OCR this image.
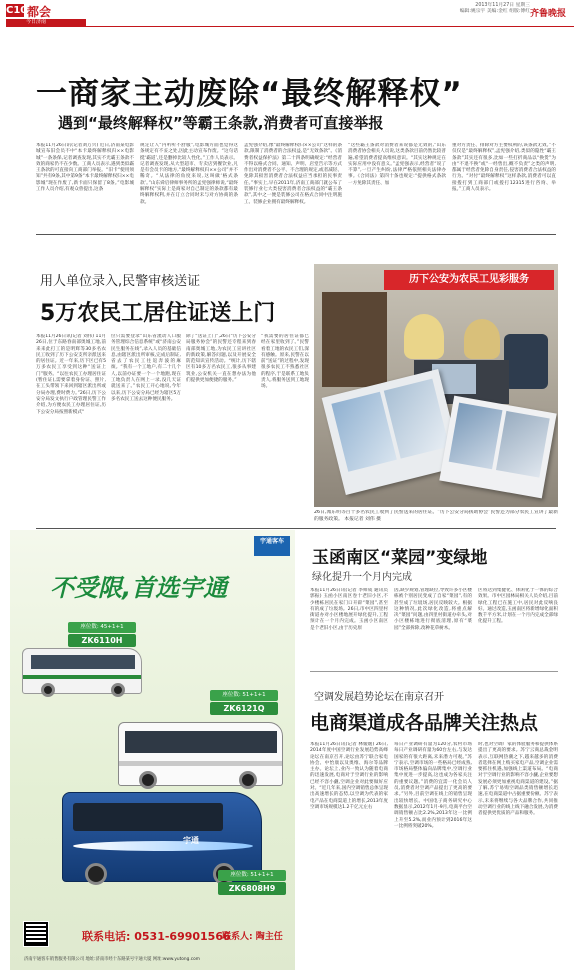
C10 都会
今日济南
2013年11月27日 星期三
编辑:姚宗宇 美编:金红 组版:傅红 齐鲁晚报
一商家主动废除“最终解释权”
遇到“最终解释权”等霸王条款,消费者可直接举报
本报11月26日讯(记者刘万兴) 近日,济南某电影城宣布旧会员不中“本卡最终解释权归××电影城”一条条保,记者调查发现,其实不光霸王条款不效的商家仍不在少数。工商人员表示,遇到类似霸王条款的可直接向工商部门举报。“旧卡“使用须知”共有9条,其中第9条“本卡最终解释权归××电影城”现在作废了,新卡面只保留了8条。”电影城工作人员介绍,有观众曾提出,这条
规定让人“内听听不舒服”,电影城方面也觉得这条规定有不妥之处,因此主动宣布作废。“这句话挺‘霸道’,还是删掉比较人性化。”工作人员表示。记者调查发现,从大型超市、专卖店到餐饮业,凡是有会员卡的地方,“最终解释权归××公司”并不稀奇。“从法律的角度来说,这叫做‘格式条款’。”山东舜启律师事务所的孟宪强律师说,“最终解释权”实际上是商家对自己制定的条款都有最终解释权利,并在订立合同时未与对方协商的条款。
孟宪强介绍,像“最终解释权归××公司”这样的条款,限制了消费者的合法权益,是“无效条款”。《消费者权益保护法》第二十四条明确规定:“经营者不得以格式合同、通知、声明、店堂告示等方式作出对消费者不公平、不合理的规定,或者减轻、免除其损害消费者合法权益应当承担的民事责任。”事实上,早在2011年,济南工商部门就公布了装修行业七大类侵害消费者合法权益的“霸王条款”,其中之一便是装修公司在格式合同中注明施工、装修企业拥有最终解释权。
“这些霸王条款对消费者来说都是无效的,”山东消费者协会相关人员说,这类条款目前仍然比较普遍,希望消费者提高维权意识。“其实这种规定在实际应用中没有意义。”孟宪强表示,经营者“说了不算”,一旦产生纠纷,法律严格依照相关法律办事。《合同法》第四十条也规定:“提供格式条款一方免除其责任、加
重对方责任、排除对方主要权利的,该条款无效。”不仅仅是“最终解释权”,孟宪强介绍,类似的隐性“霸王条款”其实还有很多,比如一些打折商品以“换货”为由“不退不换”或“一经售出,概不负责”之类的声明,都属于经营者免除自身责任,侵害消费者合法权益的行为。“对付“最终解释权”这样条款,消费者可以直接拨打到工商部门或拨打12315进行咨询、举报。”工商人员表示。
用人单位录入,民警审核送证
5万农民工居住证送上门
本报11月26日讯(记者 刘伟) 11月26日,位于东路春南部奥城工地,前来来此打工的是明辉等30多名农民工收到了历下公安支所亲派送来的居住证。近一年来,历下区已有5万多农民工享受到这种“送证上门”服务。“以往农民工办理居住证(暂住证),需要拿着身份证、照片,在工头带领下来回到辖区派出所或分局办理,费时费力。”26日,历下公安分局发文执行户政管理民警工作介绍,为方便农民工办理居住证,历下公安分局按照新模式“
位只需要登录“山东省流动人口服务管理综合信息系统”或“济南公安民生服务在线”,录入人员的基础信息,由辖区派出所审核,完成后制证,省去了农民工往返奔波的麻烦。“我有一个工地户,有二十几个人,以前办证要一个一个地跑,现在工地负责人在网上一录,没几天证就送来了。”农民工开心地说,今年以来,历下公安分局已经为辖区5万多名农民工送去这种便民服务。
除了“送证上门”,26日“历下公安分局服务协会”的民警还专程来到春南部奥城工地,为农民工宣讲社区的新政策,解答问题,以及开展安全防范知识宣传活动。“统计,历下辖区有10多万名农民工,很多从事建筑业,公安机关一直在想办法为他们提供更加便捷的服务。”
“我需要的居住证都已经在家里收到了。”民警看着工地的农民工们,深有感触。原来,民警在以前“送证”的过程中,发现很多农民工不熟悉社区的程序,于是联系工地负责人,将服务送到工地现场。
历下公安为农民工见彩服务
26日,闻东明等百十多名农民工收到了民警送来的居住证。“历下公安分局援助协会”民警还为部分农民工宣讲了最新的服务政策。 本报记者 刘伟 摄
宇通客车
不受限,首选宇通
座位数: 45+1+1
ZK6110H
座位数: 51+1+1
ZK6121Q
宇通
座位数: 51+1+1
ZK6808H9
联系电话: 0531-69901566
联系人: 陶主任
济南宇通客车销售服务有限公司 地址:济南市经十东路某号宇通大厦 网址:www.yutong.com
玉函南区“菜园”变绿地
绿化提升一个月内完成
本报11月26日讯(记者 李师成 通讯员 郭振) 玉函小区南区卷十老旧小区,不少楼栋居民在家门口开辟“菜园”,甚至有的成了垃圾场。26日,市中区四里村街道办对小区楼地展开绿化提升,工程预计在一个月内完成。玉函小区南区是个老旧小区,由于历史原
因,缺少规划,管理缺位,导致许多小区楼栋被个别居民变成了自家“菜园”,有的甚至成了垃圾场,居民反映较大。根据这种情况,此次绿化改造,将重点解决“菜园”问题,由四里村街道办牵头,对小区楼栋地进行彻底清理,原有“菜园”全部拆除,改种花草树木。
区将达到集健化、休闲化于一体的综合效果。市中区园林局相关人员介绍,目前绿化工程已在施工中,居民对此反响良好。通过改造,玉函南区将新增绿化面积数千平方米,计划在一个月内完成全部绿化提升工程。
空调发展趋势论坛在南京召开
电商渠道成各品牌关注热点
本报11月26日讯(记者 林媛媛) 26日,2014年度中国空调行业发展趋势高峰论坛在南京召开,论坛由苏宁联合家电协会、中怡康以及奥维、海尔等品牌主办。论坛上,业内一致认为随着电商的迅速发展,电商对于空调行业的影响已经不容小觑,空调企业对此要做好应对。“近几年来,国内空调销售总体呈现出高速增长的态势,以空调为代表的家电产品在电商渠道上的增长,2013年度空调市场规模达1.2千亿元左右
每日产业调研有量为120分,农村市场每日产业调研有量为60台左右,与发达国家的有很大距离,未来潜力可观。”苏宁表示,空调市场的一些格局已经成熟,市场格局整体偏向品牌集中,空调行业集中度进一步提高,这也成为各家关注的重要议题。”消费的宜需一化会员人员,消费者对空调产品提出了更高的要求。”另外,目前空调在线上的销售呈现出较快增长。中国电子商务研究中心数据显示,2012年1月-9月,电商平台空调销售额占比2.2%,2013年这一比例上升至5.2%,而业内预计到2016年这一比例将突破20%。
时,也对空调厂家的体验服务和提供体系提出了更高的要求。苏宁云商总裁金明表示,互联网热潮之下,越来越多的消费者选择在网上购买家电产品,空调企业需要抓住机遇,加强线上渠道布局。“电商对于空调行业的影响不容小觑,企业要想发展必须更加重视电商渠道的建设。”据了解,苏宁易购空调品类销售额增长迅速,在电商渠道中占据重要份额。苏宁表示,未来将继续与各大品牌合作,共同推动空调行业的线上线下融合发展,为消费者提供更优质的产品和服务。
